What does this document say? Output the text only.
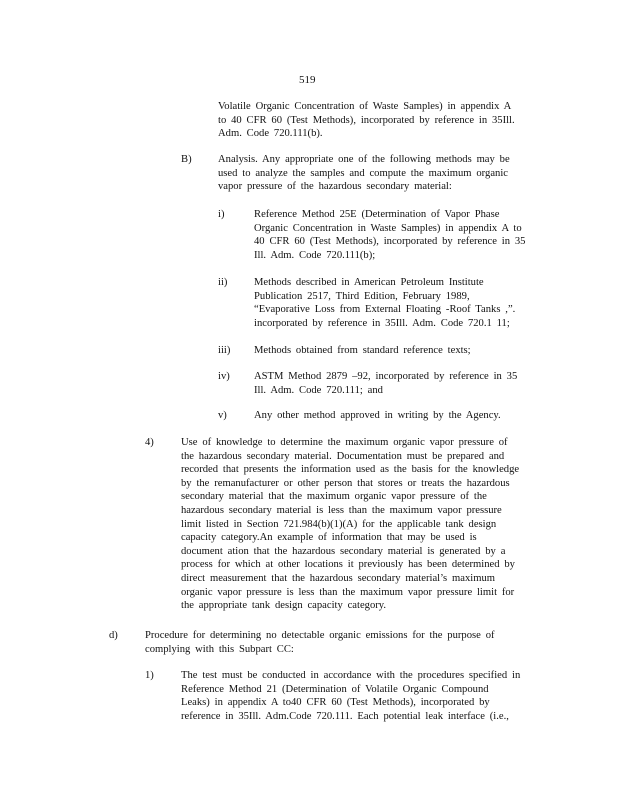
519
Volatile Organic Concentration of Waste Samples) in appendix A
to 40 CFR 60 (Test Methods), incorporated by reference in 35Ill.
Adm. Code 720.111(b).
B) Analysis. Any appropriate one of the following methods may be
used to analyze the samples and compute the maximum organic
vapor pressure of the hazardous secondary material:
i)	Reference Method 25E (Determination of Vapor Phase
Organic Concentration in Waste Samples) in appendix A to
40 CFR 60 (Test Methods), incorporated by reference in 35
Ill. Adm. Code 720.111(b);
ii)	Methods described in American Petroleum Institute
Publication 2517, Third Edition, February 1989,
“Evaporative Loss from External Floating -Roof Tanks ,”.
incorporated by reference in 35Ill. Adm. Code 720.1 11;
iii) Methods obtained from standard reference texts;
iv) ASTM Method 2879 –92, incorporated by reference in 35
Ill. Adm. Code 720.111; and
v)	Any other method approved in writing by the Agency.
4)	Use of knowledge to determine the maximum organic vapor pressure of
the hazardous secondary material. Documentation must be prepared and
recorded that presents the information used as the basis for the knowledge
by the remanufacturer or other person that stores or treats the hazardous
secondary material that the maximum organic vapor pressure of the
hazardous secondary material is less than the maximum vapor pressure
limit listed in Section 721.984(b)(1)(A) for the applicable tank design
capacity category.An example of information that may be used is
document ation that the hazardous secondary material is generated by a
process for which at other locations it previously has been determined by
direct measurement that the hazardous secondary material’s maximum
organic vapor pressure is less than the maximum vapor pressure limit for
the appropriate tank design capacity category.
d)	Procedure for determining no detectable organic emissions for the purpose of
complying with this Subpart CC:
1)	The test must be conducted in accordance with the procedures specified in
Reference Method 21 (Determination of Volatile Organic Compound
Leaks) in appendix A to40 CFR 60 (Test Methods), incorporated by
reference in 35Ill. Adm.Code 720.111. Each potential leak interface (i.e.,
